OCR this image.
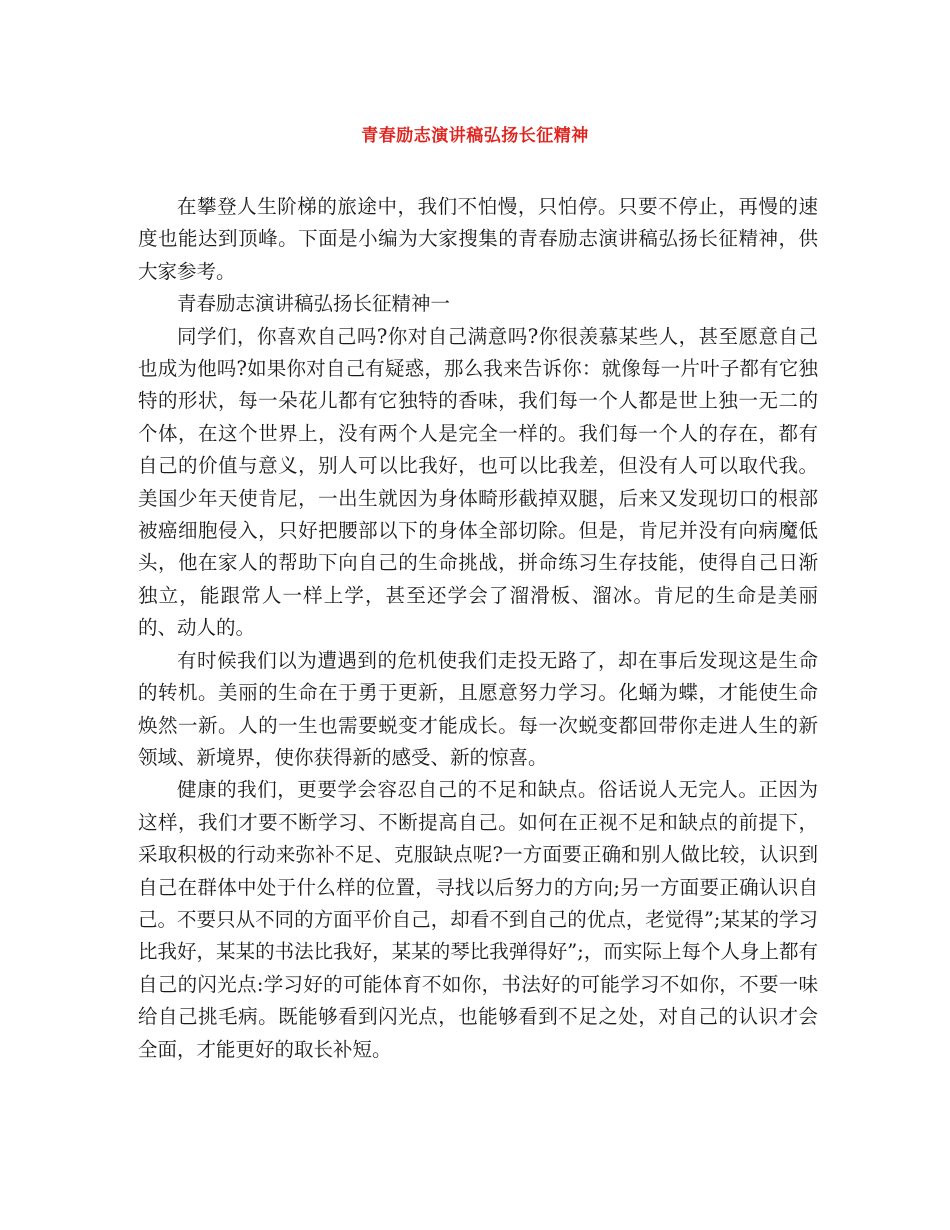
青春励志演讲稿弘扬长征精神

在攀登人生阶梯的旅途中，我们不怕慢，只怕停。只要不停止，再慢的速度也能达到顶峰。下面是小编为大家搜集的青春励志演讲稿弘扬长征精神，供大家参考。

青春励志演讲稿弘扬长征精神一

同学们，你喜欢自己吗?你对自己满意吗?你很羡慕某些人，甚至愿意自己也成为他吗?如果你对自己有疑惑，那么我来告诉你：就像每一片叶子都有它独特的形状，每一朵花儿都有它独特的香味，我们每一个人都是世上独一无二的个体，在这个世界上，没有两个人是完全一样的。我们每一个人的存在，都有自己的价值与意义，别人可以比我好，也可以比我差，但没有人可以取代我。美国少年天使肯尼，一出生就因为身体畸形截掉双腿，后来又发现切口的根部被癌细胞侵入，只好把腰部以下的身体全部切除。但是，肯尼并没有向病魔低头，他在家人的帮助下向自己的生命挑战，拼命练习生存技能，使得自己日渐独立，能跟常人一样上学，甚至还学会了溜滑板、溜冰。肯尼的生命是美丽的、动人的。

有时候我们以为遭遇到的危机使我们走投无路了，却在事后发现这是生命的转机。美丽的生命在于勇于更新，且愿意努力学习。化蛹为蝶，才能使生命焕然一新。人的一生也需要蜕变才能成长。每一次蜕变都回带你走进人生的新领域、新境界，使你获得新的感受、新的惊喜。

健康的我们，更要学会容忍自己的不足和缺点。俗话说人无完人。正因为这样，我们才要不断学习、不断提高自己。如何在正视不足和缺点的前提下，采取积极的行动来弥补不足、克服缺点呢?一方面要正确和别人做比较，认识到自己在群体中处于什么样的位置，寻找以后努力的方向;另一方面要正确认识自己。不要只从不同的方面平价自己，却看不到自己的优点，老觉得”;某某的学习比我好，某某的书法比我好，某某的琴比我弹得好”;，而实际上每个人身上都有自己的闪光点:学习好的可能体育不如你，书法好的可能学习不如你，不要一味给自己挑毛病。既能够看到闪光点，也能够看到不足之处，对自己的认识才会全面，才能更好的取长补短。
